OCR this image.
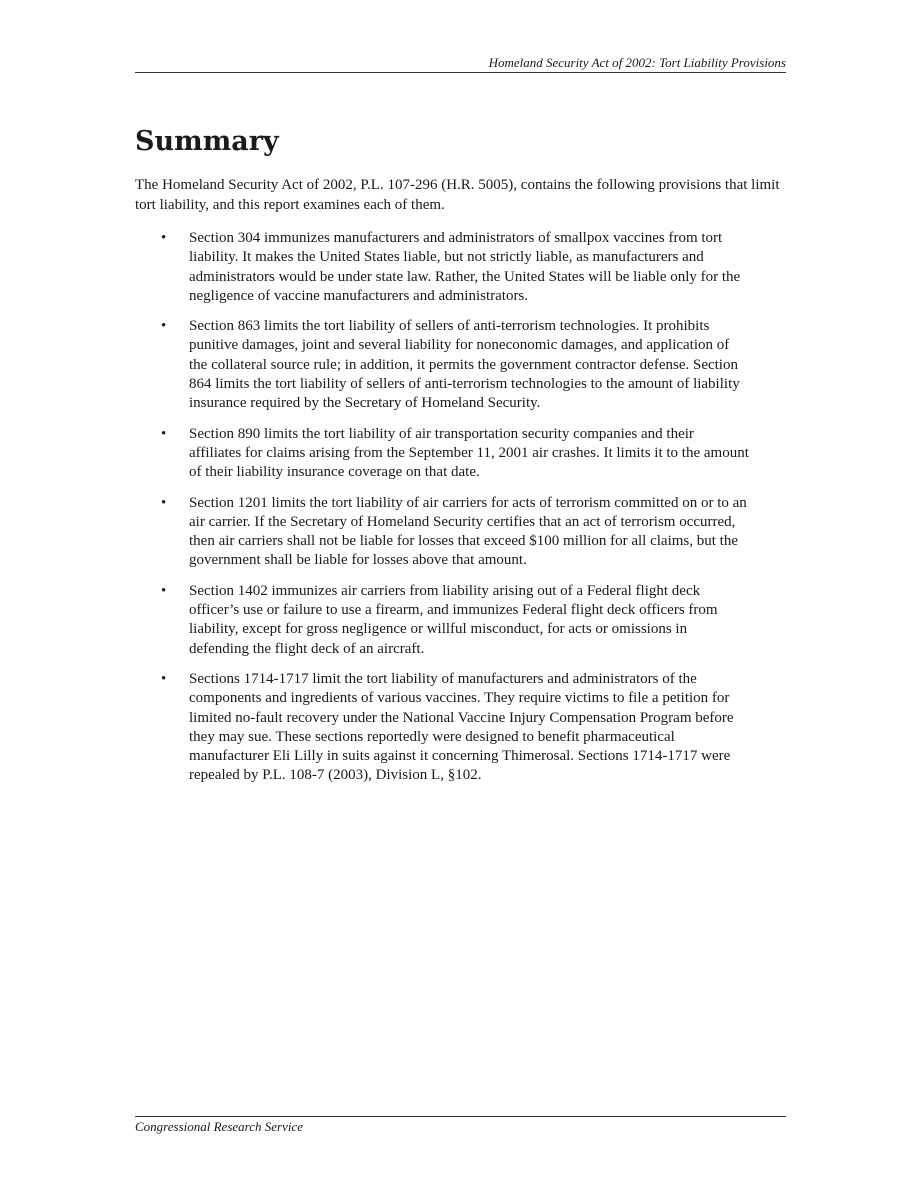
Homeland Security Act of 2002: Tort Liability Provisions
Summary

The Homeland Security Act of 2002, P.L. 107-296 (H.R. 5005), contains the following provisions that limit tort liability, and this report examines each of them.

• Section 304 immunizes manufacturers and administrators of smallpox vaccines from tort liability. It makes the United States liable, but not strictly liable, as manufacturers and administrators would be under state law. Rather, the United States will be liable only for the negligence of vaccine manufacturers and administrators.
• Section 863 limits the tort liability of sellers of anti-terrorism technologies. It prohibits punitive damages, joint and several liability for noneconomic damages, and application of the collateral source rule; in addition, it permits the government contractor defense. Section 864 limits the tort liability of sellers of anti-terrorism technologies to the amount of liability insurance required by the Secretary of Homeland Security.
• Section 890 limits the tort liability of air transportation security companies and their affiliates for claims arising from the September 11, 2001 air crashes. It limits it to the amount of their liability insurance coverage on that date.
• Section 1201 limits the tort liability of air carriers for acts of terrorism committed on or to an air carrier. If the Secretary of Homeland Security certifies that an act of terrorism occurred, then air carriers shall not be liable for losses that exceed $100 million for all claims, but the government shall be liable for losses above that amount.
• Section 1402 immunizes air carriers from liability arising out of a Federal flight deck officer’s use or failure to use a firearm, and immunizes Federal flight deck officers from liability, except for gross negligence or willful misconduct, for acts or omissions in defending the flight deck of an aircraft.
• Sections 1714-1717 limit the tort liability of manufacturers and administrators of the components and ingredients of various vaccines. They require victims to file a petition for limited no-fault recovery under the National Vaccine Injury Compensation Program before they may sue. These sections reportedly were designed to benefit pharmaceutical manufacturer Eli Lilly in suits against it concerning Thimerosal. Sections 1714-1717 were repealed by P.L. 108-7 (2003), Division L, §102.
Congressional Research Service
